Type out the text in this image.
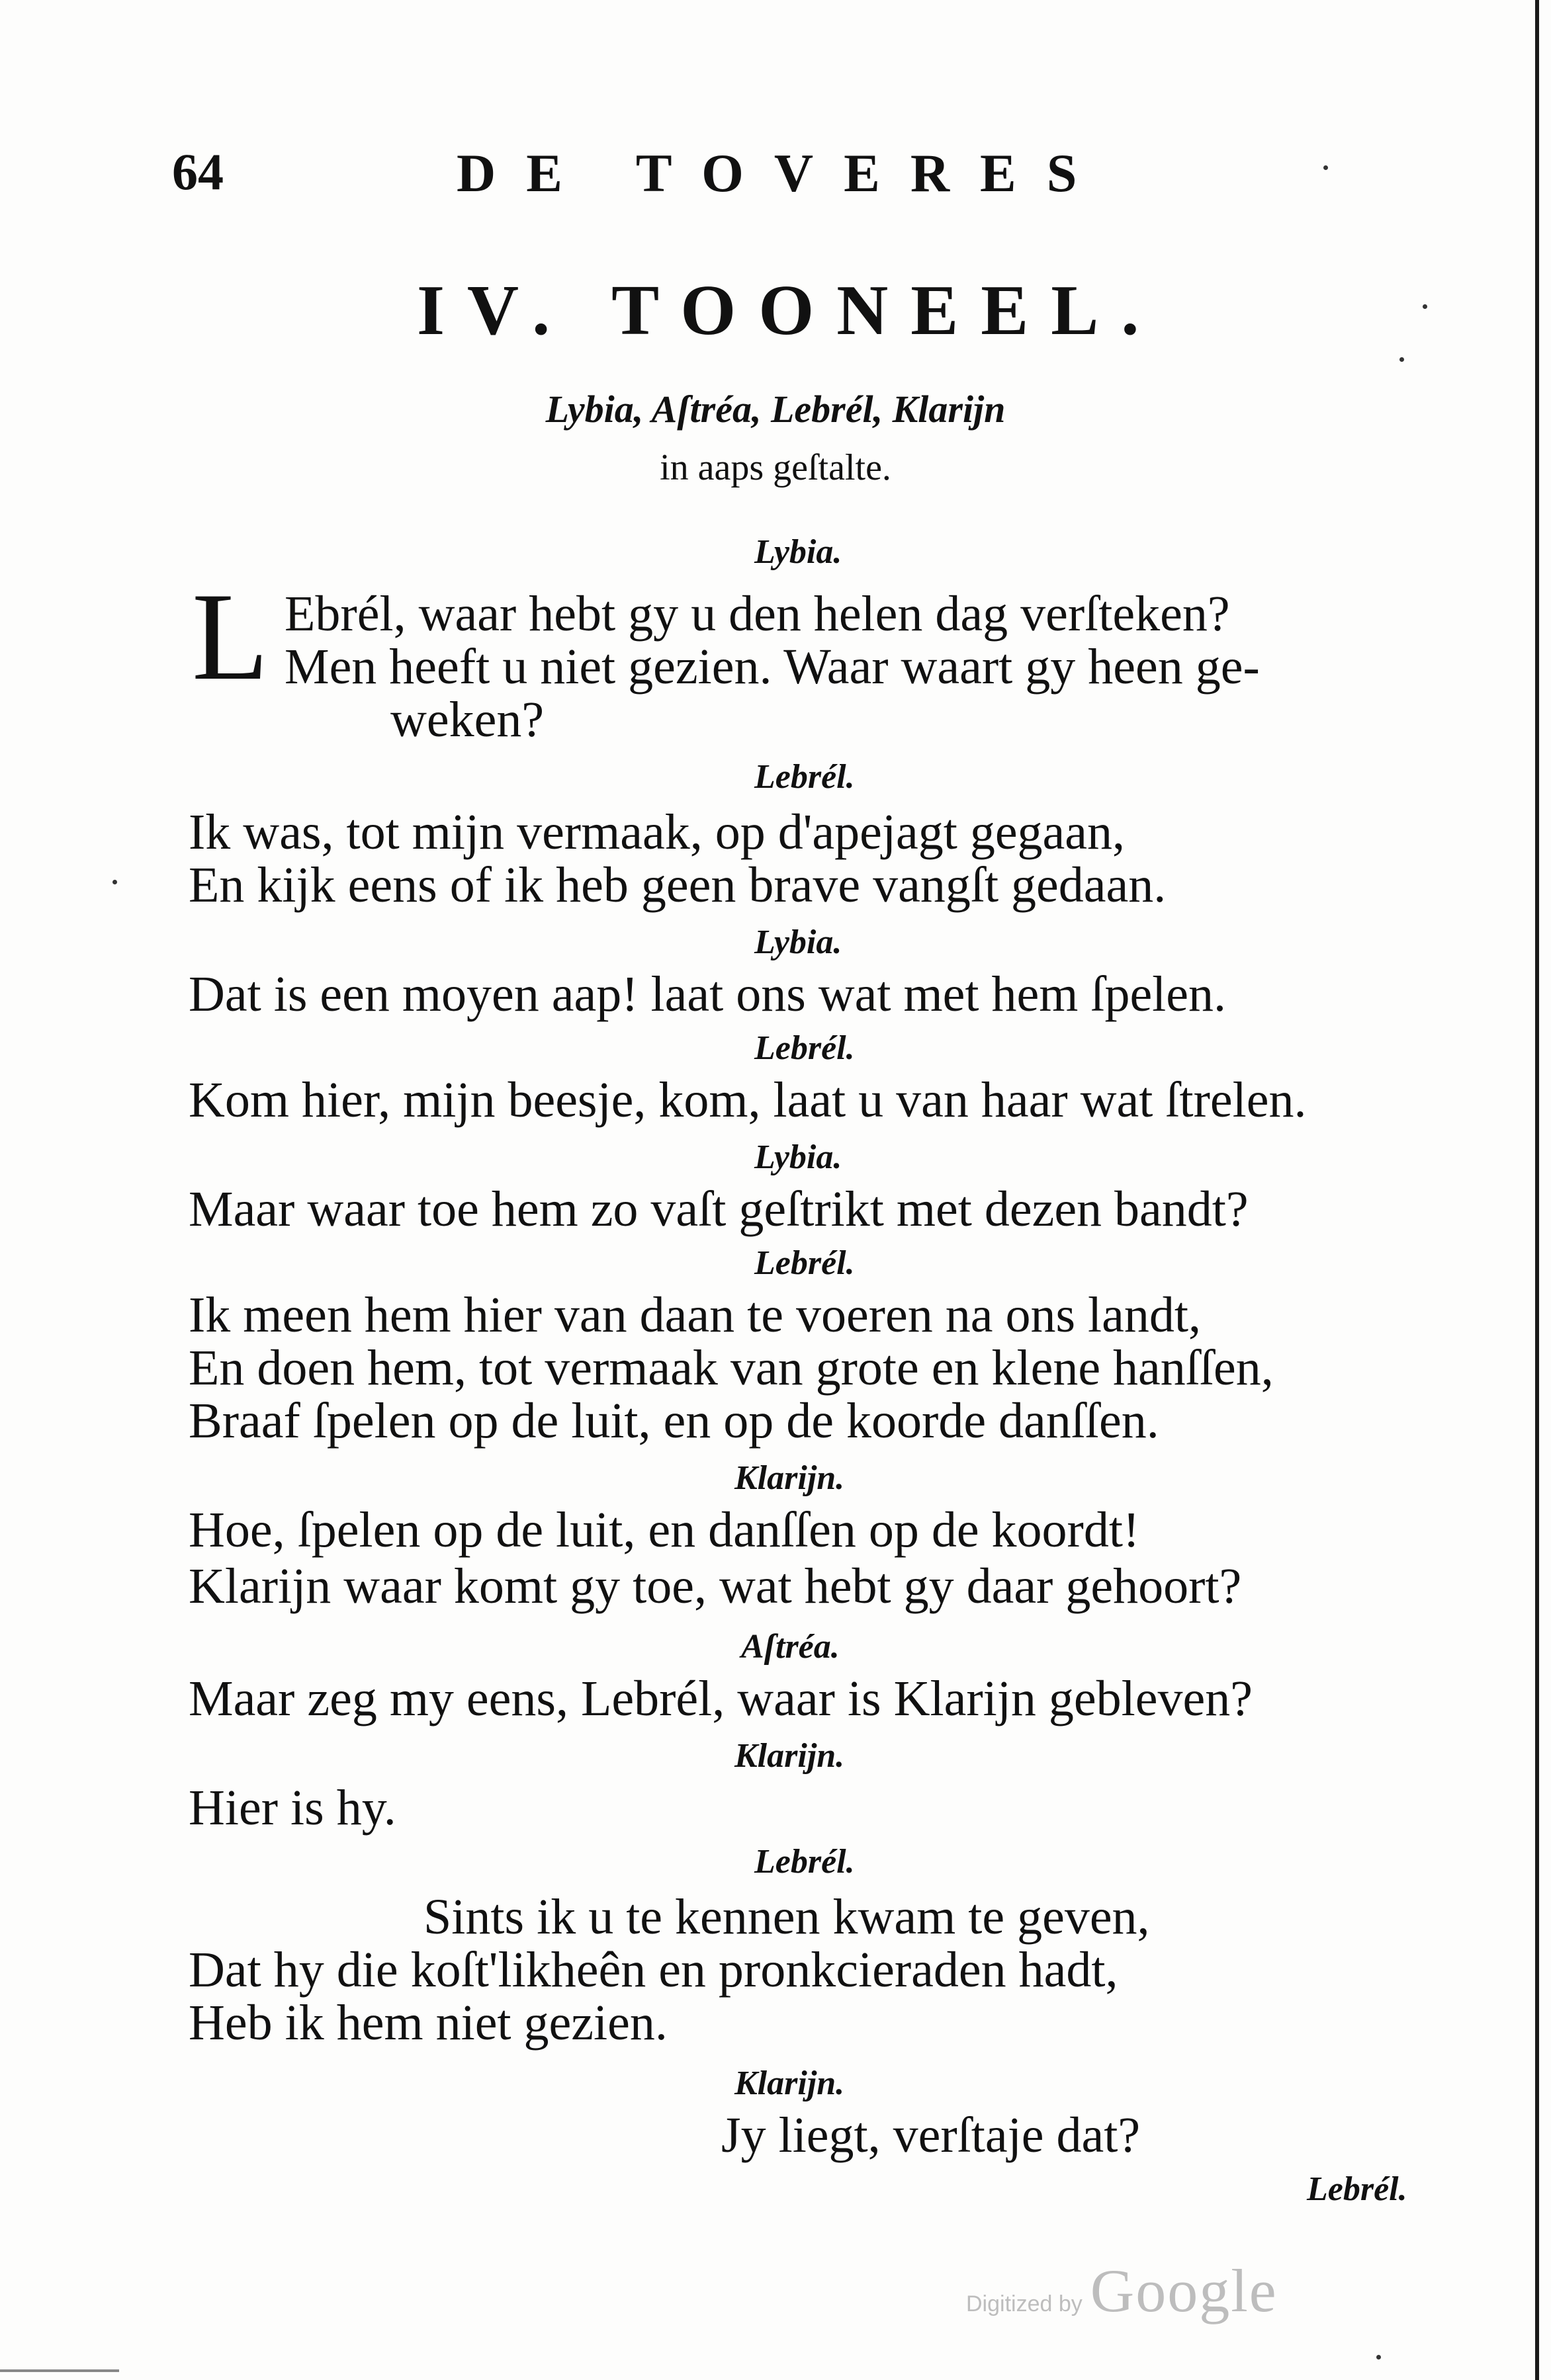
64	DE TOVERES
IV. TOONEEL.
Lybia, Aſtréa, Lebrél, Klarijn
in aaps geſtalte.
Lybia.
L Ebrél, waar hebt gy u den helen dag verſteken?
Men heeft u niet gezien. Waar waart gy heen ge-
weken?
Lebrél.
Ik was, tot mijn vermaak, op d'apejagt gegaan,
En kijk eens of ik heb geen brave vangſt gedaan.
Lybia.
Dat is een moyen aap! laat ons wat met hem ſpelen.
Lebrél.
Kom hier, mijn beesje, kom, laat u van haar wat ſtrelen.
Lybia.
Maar waar toe hem zo vaſt geſtrikt met dezen bandt?
Lebrél.
Ik meen hem hier van daan te voeren na ons landt,
En doen hem, tot vermaak van grote en klene hanſſen,
Braaf ſpelen op de luit, en op de koorde danſſen.
Klarijn.
Hoe, ſpelen op de luit, en danſſen op de koordt!
Klarijn waar komt gy toe, wat hebt gy daar gehoort?
Aſtréa.
Maar zeg my eens, Lebrél, waar is Klarijn gebleven?
Klarijn.
Hier is hy.
Lebrél.
Sints ik u te kennen kwam te geven,
Dat hy die koſt'likheên en pronkcieraden hadt,
Heb ik hem niet gezien.
Klarijn.
Jy liegt, verſtaje dat?
Lebrél.
Digitized by Google
